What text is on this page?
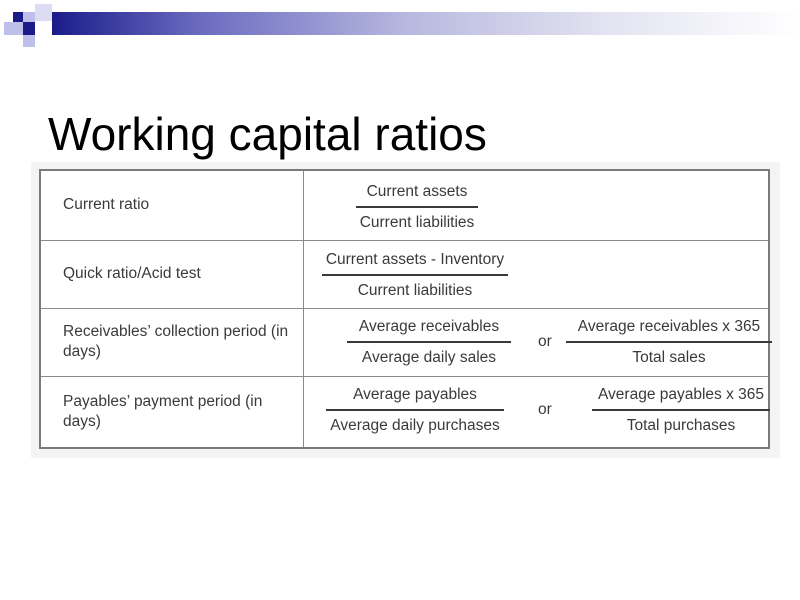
Working capital ratios
Current ratio	Current assets
Current liabilities

Quick ratio/Acid test	Current assets - Inventory
Current liabilities

Receivables’ collection period (in days)	Average receivables
Average daily sales
or
Average receivables x 365
Total sales

Payables’ payment period (in days)	Average payables
Average daily purchases
or
Average payables x 365
Total purchases
